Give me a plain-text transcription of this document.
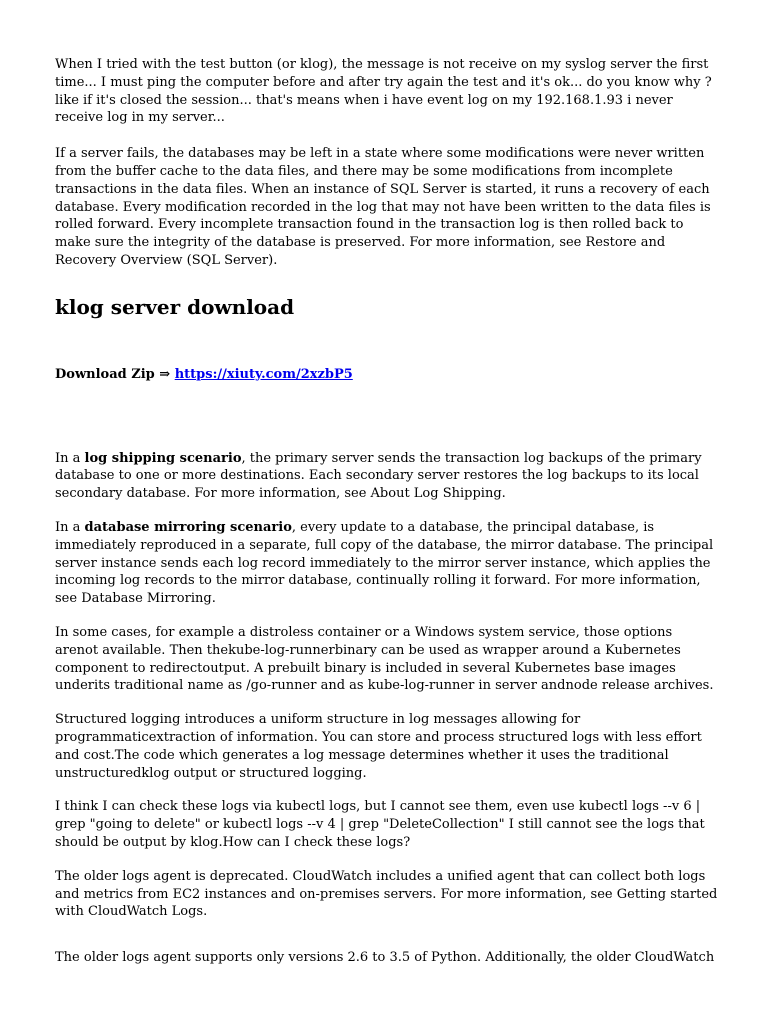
When I tried with the test button (or klog), the message is not receive on my syslog server the first time... I must ping the computer before and after try again the test and it's ok... do you know why ? like if it's closed the session... that's means when i have event log on my 192.168.1.93 i never receive log in my server...

If a server fails, the databases may be left in a state where some modifications were never written from the buffer cache to the data files, and there may be some modifications from incomplete transactions in the data files. When an instance of SQL Server is started, it runs a recovery of each database. Every modification recorded in the log that may not have been written to the data files is rolled forward. Every incomplete transaction found in the transaction log is then rolled back to make sure the integrity of the database is preserved. For more information, see Restore and Recovery Overview (SQL Server).

klog server download

Download Zip ⇒ https://xiuty.com/2xzbP5

In a log shipping scenario, the primary server sends the transaction log backups of the primary database to one or more destinations. Each secondary server restores the log backups to its local secondary database. For more information, see About Log Shipping.

In a database mirroring scenario, every update to a database, the principal database, is immediately reproduced in a separate, full copy of the database, the mirror database. The principal server instance sends each log record immediately to the mirror server instance, which applies the incoming log records to the mirror database, continually rolling it forward. For more information, see Database Mirroring.

In some cases, for example a distroless container or a Windows system service, those options arenot available. Then thekube-log-runnerbinary can be used as wrapper around a Kubernetes component to redirectoutput. A prebuilt binary is included in several Kubernetes base images underits traditional name as /go-runner and as kube-log-runner in server andnode release archives.

Structured logging introduces a uniform structure in log messages allowing for programmaticextraction of information. You can store and process structured logs with less effort and cost.The code which generates a log message determines whether it uses the traditional unstructuredklog output or structured logging.

I think I can check these logs via kubectl logs, but I cannot see them, even use kubectl logs --v 6 | grep "going to delete" or kubectl logs --v 4 | grep "DeleteCollection" I still cannot see the logs that should be output by klog.How can I check these logs?

The older logs agent is deprecated. CloudWatch includes a unified agent that can collect both logs and metrics from EC2 instances and on-premises servers. For more information, see Getting started with CloudWatch Logs.

The older logs agent supports only versions 2.6 to 3.5 of Python. Additionally, the older CloudWatch
